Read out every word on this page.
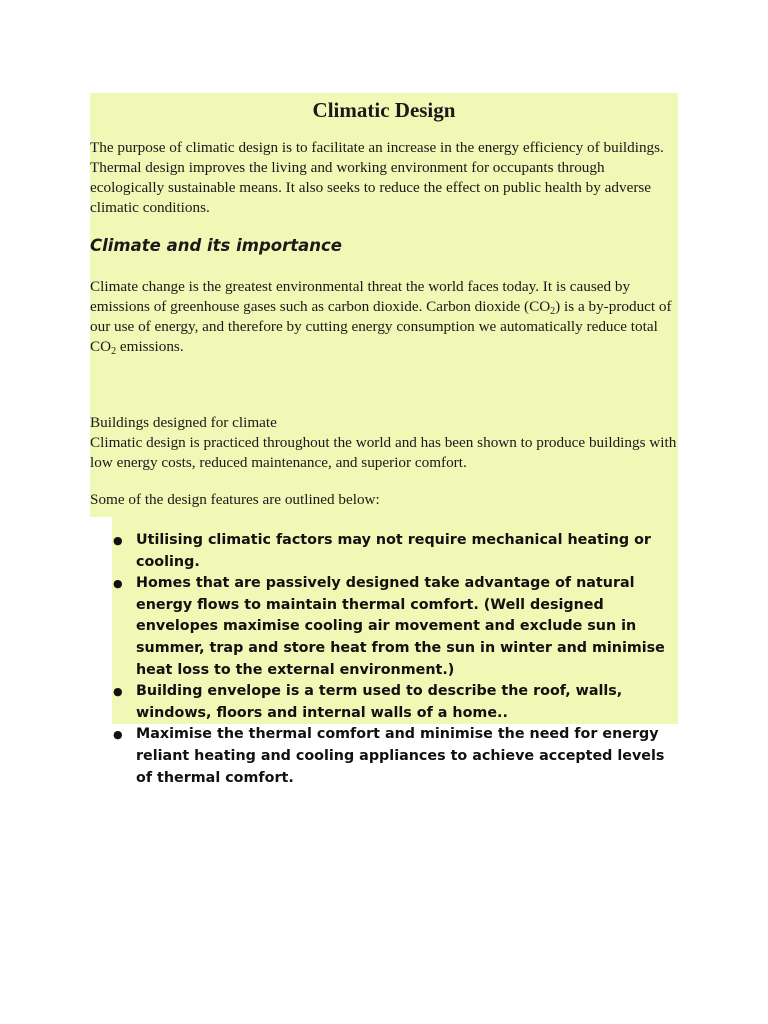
Climatic Design

The purpose of climatic design is to facilitate an increase in the energy efficiency of buildings. Thermal design improves the living and working environment for occupants through ecologically sustainable means. It also seeks to reduce the effect on public health by adverse climatic conditions.

Climate and its importance

Climate change is the greatest environmental threat the world faces today. It is caused by emissions of greenhouse gases such as carbon dioxide. Carbon dioxide $(CO_2)$ is a by-product of our use of energy, and therefore by cutting energy consumption we automatically reduce total $CO_2$ emissions.

Buildings designed for climate

Climatic design is practiced throughout the world and has been shown to produce buildings with low energy costs, reduced maintenance, and superior comfort.

Some of the design features are outlined below:

● Utilising climatic factors may not require mechanical heating or cooling.
● Homes that are passively designed take advantage of natural energy flows to maintain thermal comfort. (Well designed envelopes maximise cooling air movement and exclude sun in summer, trap and store heat from the sun in winter and minimise heat loss to the external environment.)
● Building envelope is a term used to describe the roof, walls, windows, floors and internal walls of a home..
● Maximise the thermal comfort and minimise the need for energy reliant heating and cooling appliances to achieve accepted levels of thermal comfort.
